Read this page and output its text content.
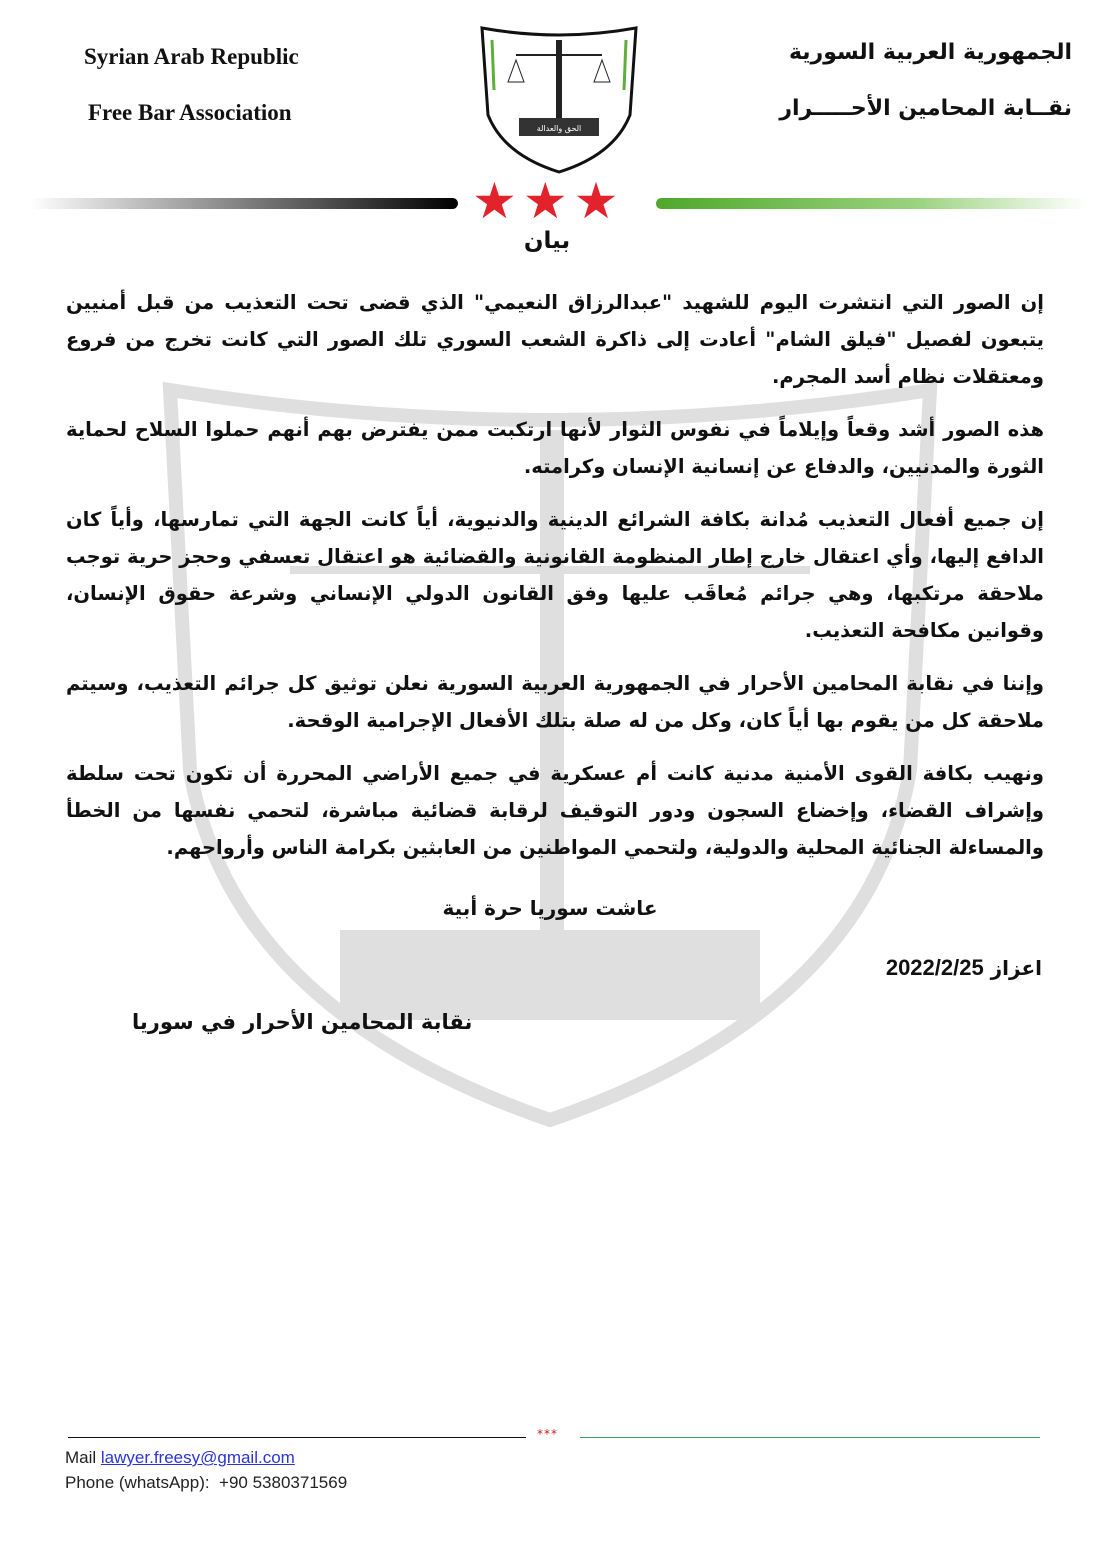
Syrian Arab Republic
Free Bar Association
الجمهورية العربية السورية
نقــابة المحامين الأحـــــرار
الحق والعدالة
★★★
بيان

إن الصور التي انتشرت اليوم للشهيد "عبدالرزاق النعيمي" الذي قضى تحت التعذيب من قبل أمنيين يتبعون لفصيل "فيلق الشام" أعادت إلى ذاكرة الشعب السوري تلك الصور التي كانت تخرج من فروع ومعتقلات نظام أسد المجرم.

هذه الصور أشد وقعاً وإيلاماً في نفوس الثوار لأنها ارتكبت ممن يفترض بهم أنهم حملوا السلاح لحماية الثورة والمدنيين، والدفاع عن إنسانية الإنسان وكرامته.

إن جميع أفعال التعذيب مُدانة بكافة الشرائع الدينية والدنيوية، أياً كانت الجهة التي تمارسها، وأياً كان الدافع إليها، وأي اعتقال خارج إطار المنظومة القانونية والقضائية هو اعتقال تعسفي وحجز حرية توجب ملاحقة مرتكبها، وهي جرائم مُعاقَب عليها وفق القانون الدولي الإنساني وشرعة حقوق الإنسان، وقوانين مكافحة التعذيب.

وإننا في نقابة المحامين الأحرار في الجمهورية العربية السورية نعلن توثيق كل جرائم التعذيب، وسيتم ملاحقة كل من يقوم بها أياً كان، وكل من له صلة بتلك الأفعال الإجرامية الوقحة.

ونهيب بكافة القوى الأمنية مدنية كانت أم عسكرية في جميع الأراضي المحررة أن تكون تحت سلطة وإشراف القضاء، وإخضاع السجون ودور التوقيف لرقابة قضائية مباشرة، لتحمي نفسها من الخطأ والمساءلة الجنائية المحلية والدولية، ولتحمي المواطنين من العابثين بكرامة الناس وأرواحهم.

عاشت سوريا حرة أبية
اعزاز 2022/2/25
نقابة المحامين الأحرار في سوريا
***
Mail lawyer.freesy@gmail.com
Phone (whatsApp): +90 5380371569
